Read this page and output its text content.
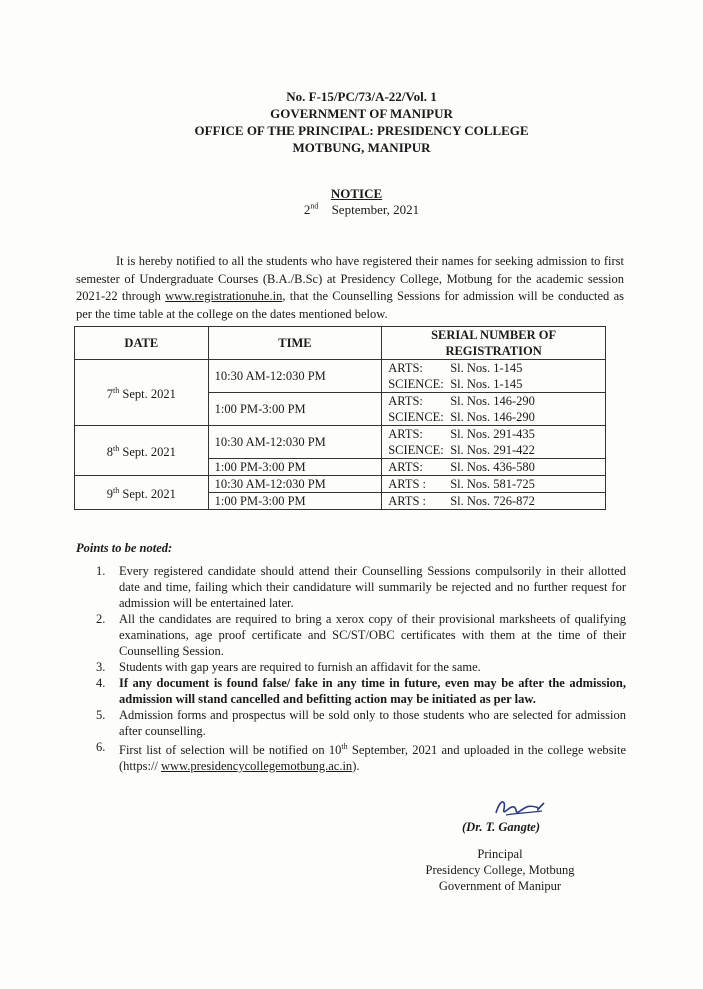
No. F-15/PC/73/A-22/Vol. 1
GOVERNMENT OF MANIPUR
OFFICE OF THE PRINCIPAL: PRESIDENCY COLLEGE
MOTBUNG, MANIPUR
NOTICE
2nd September, 2021

It is hereby notified to all the students who have registered their names for seeking admission to first semester of Undergraduate Courses (B.A./B.Sc) at Presidency College, Motbung for the academic session 2021-22 through www.registrationuhe.in, that the Counselling Sessions for admission will be conducted as per the time table at the college on the dates mentioned below.

DATE	TIME	SERIAL NUMBER OF REGISTRATION
7th Sept. 2021	10:30 AM-12:030 PM	ARTS: Sl. Nos. 1-145
SCIENCE: Sl. Nos. 1-145
	1:00 PM-3:00 PM	ARTS: Sl. Nos. 146-290
SCIENCE: Sl. Nos. 146-290
8th Sept. 2021	10:30 AM-12:030 PM	ARTS: Sl. Nos. 291-435
SCIENCE: Sl. Nos. 291-422
	1:00 PM-3:00 PM	ARTS: Sl. Nos. 436-580
9th Sept. 2021	10:30 AM-12:030 PM	ARTS : Sl. Nos. 581-725
	1:00 PM-3:00 PM	ARTS : Sl. Nos. 726-872
Points to be noted:
1. Every registered candidate should attend their Counselling Sessions compulsorily in their allotted date and time, failing which their candidature will summarily be rejected and no further request for admission will be entertained later.
2. All the candidates are required to bring a xerox copy of their provisional marksheets of qualifying examinations, age proof certificate and SC/ST/OBC certificates with them at the time of their Counselling Session.
3. Students with gap years are required to furnish an affidavit for the same.
4. If any document is found false/ fake in any time in future, even may be after the admission, admission will stand cancelled and befitting action may be initiated as per law.
5. Admission forms and prospectus will be sold only to those students who are selected for admission after counselling.
6. First list of selection will be notified on 10th September, 2021 and uploaded in the college website (https:// www.presidencycollegemotbung.ac.in).
(Dr. T. Gangte)
Principal
Presidency College, Motbung
Government of Manipur
